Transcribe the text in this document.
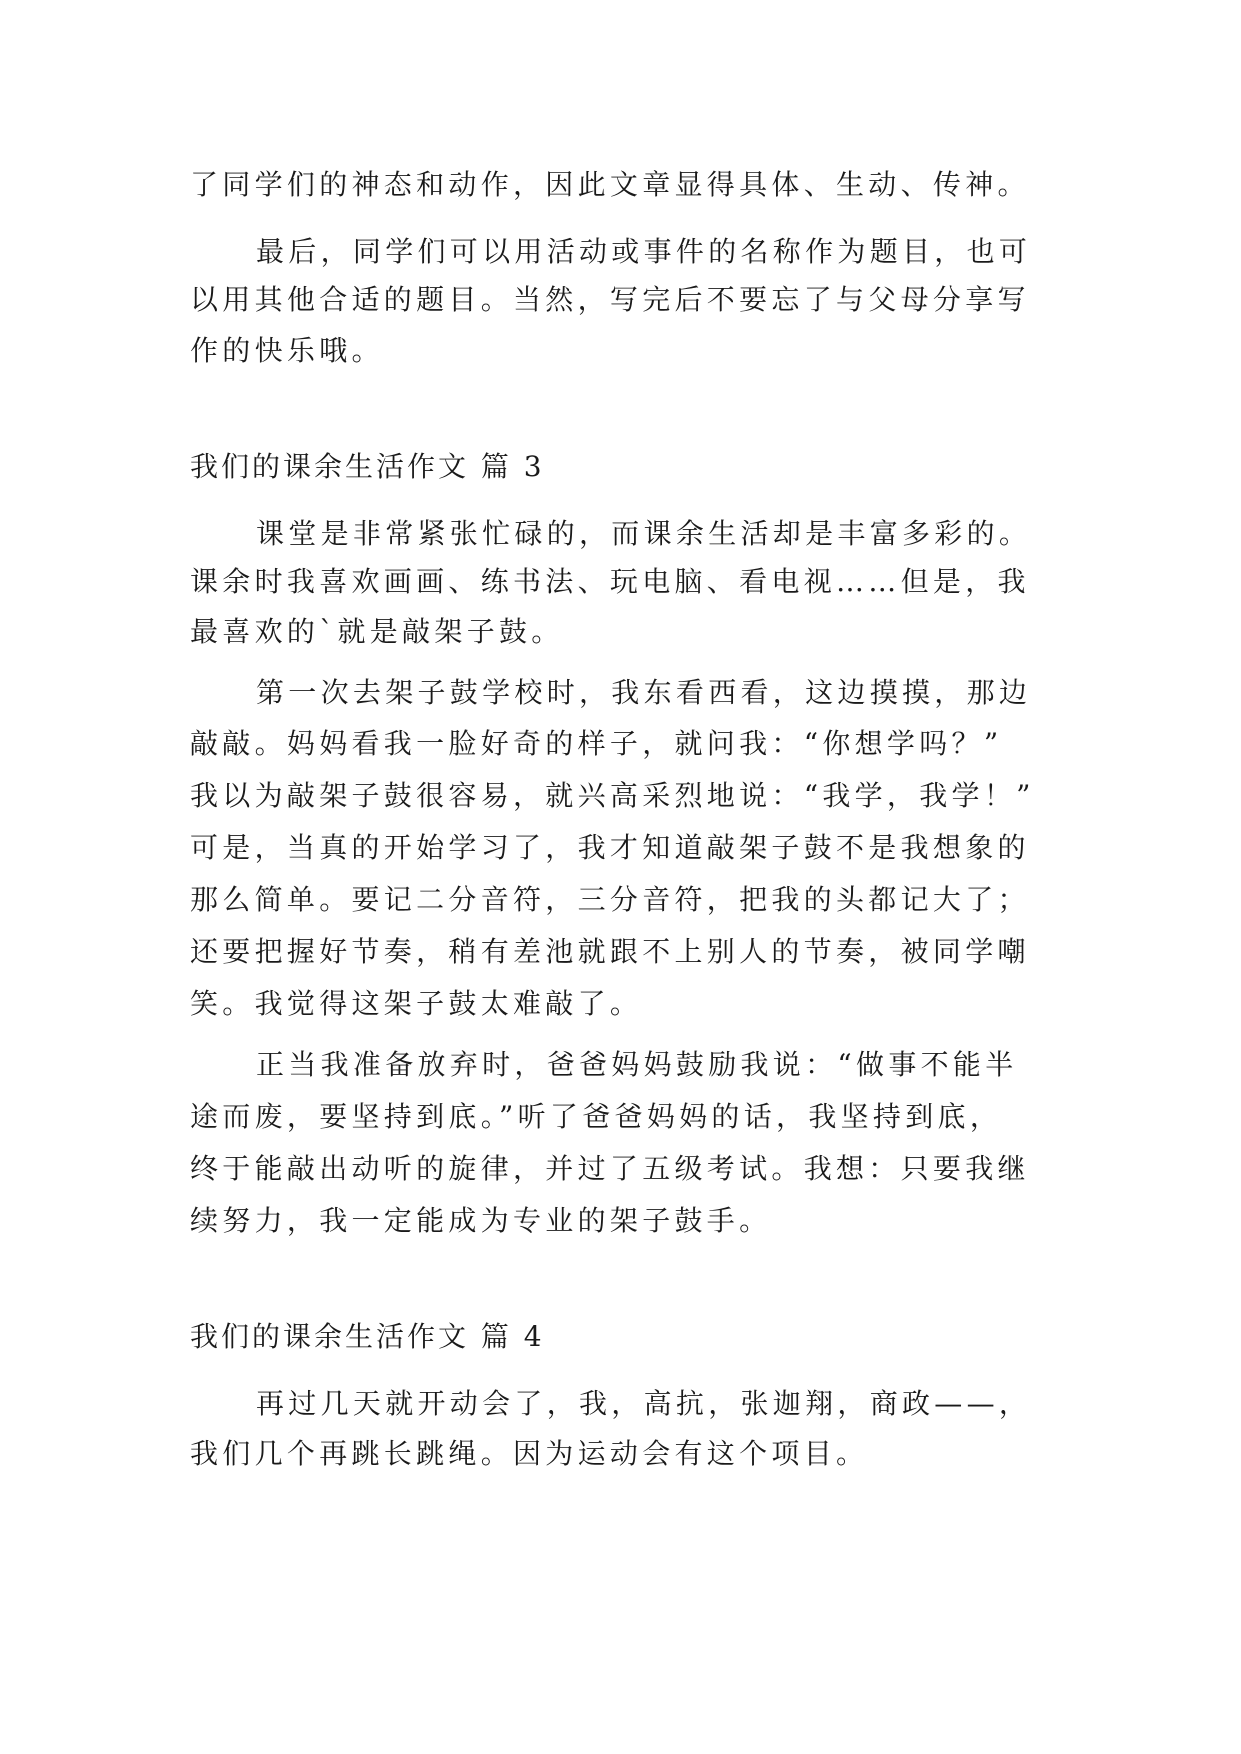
了同学们的神态和动作，因此文章显得具体、生动、传神。
最后，同学们可以用活动或事件的名称作为题目，也可
以用其他合适的题目。当然，写完后不要忘了与父母分享写
作的快乐哦。
我们的课余生活作文 篇 3
课堂是非常紧张忙碌的，而课余生活却是丰富多彩的。
课余时我喜欢画画、练书法、玩电脑、看电视……但是，我
最喜欢的`就是敲架子鼓。
第一次去架子鼓学校时，我东看西看，这边摸摸，那边
敲敲。妈妈看我一脸好奇的样子，就问我：“你想学吗？”
我以为敲架子鼓很容易，就兴高采烈地说：“我学，我学！”
可是，当真的开始学习了，我才知道敲架子鼓不是我想象的
那么简单。要记二分音符，三分音符，把我的头都记大了；
还要把握好节奏，稍有差池就跟不上别人的节奏，被同学嘲
笑。我觉得这架子鼓太难敲了。
正当我准备放弃时，爸爸妈妈鼓励我说：“做事不能半
途而废，要坚持到底。”听了爸爸妈妈的话，我坚持到底，
终于能敲出动听的旋律，并过了五级考试。我想：只要我继
续努力，我一定能成为专业的架子鼓手。
我们的课余生活作文 篇 4
再过几天就开动会了，我，高抗，张迦翔，商政——，
我们几个再跳长跳绳。因为运动会有这个项目。
